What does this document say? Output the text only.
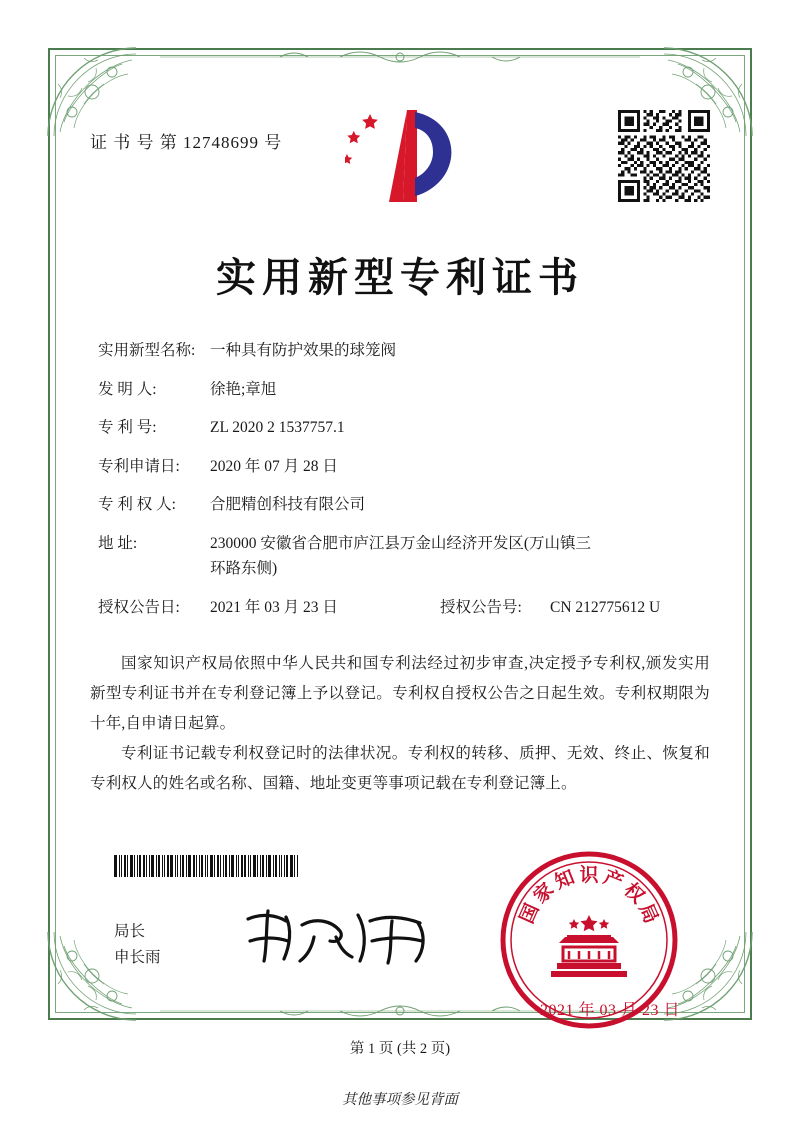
证 书 号 第 12748699 号
实用新型专利证书
实用新型名称: 一种具有防护效果的球笼阀
发 明 人:	徐艳;章旭
专 利 号:	ZL 2020 2 1537757.1
专利申请日:	2020 年 07 月 28 日
专 利 权 人:	合肥精创科技有限公司
地 址:	230000 安徽省合肥市庐江县万金山经济开发区(万山镇三
环路东侧)
授权公告日:	2021 年 03 月 23 日	授权公告号:	CN 212775612 U

国家知识产权局依照中华人民共和国专利法经过初步审查,决定授予专利权,颁发实用新型专利证书并在专利登记簿上予以登记。专利权自授权公告之日起生效。专利权期限为十年,自申请日起算。

专利证书记载专利权登记时的法律状况。专利权的转移、质押、无效、终止、恢复和专利权人的姓名或名称、国籍、地址变更等事项记载在专利登记簿上。

局长
申长雨
国
家
知 识 产
权
局
2021 年 03 月 23 日
第 1 页 (共 2 页)
其他事项参见背面
